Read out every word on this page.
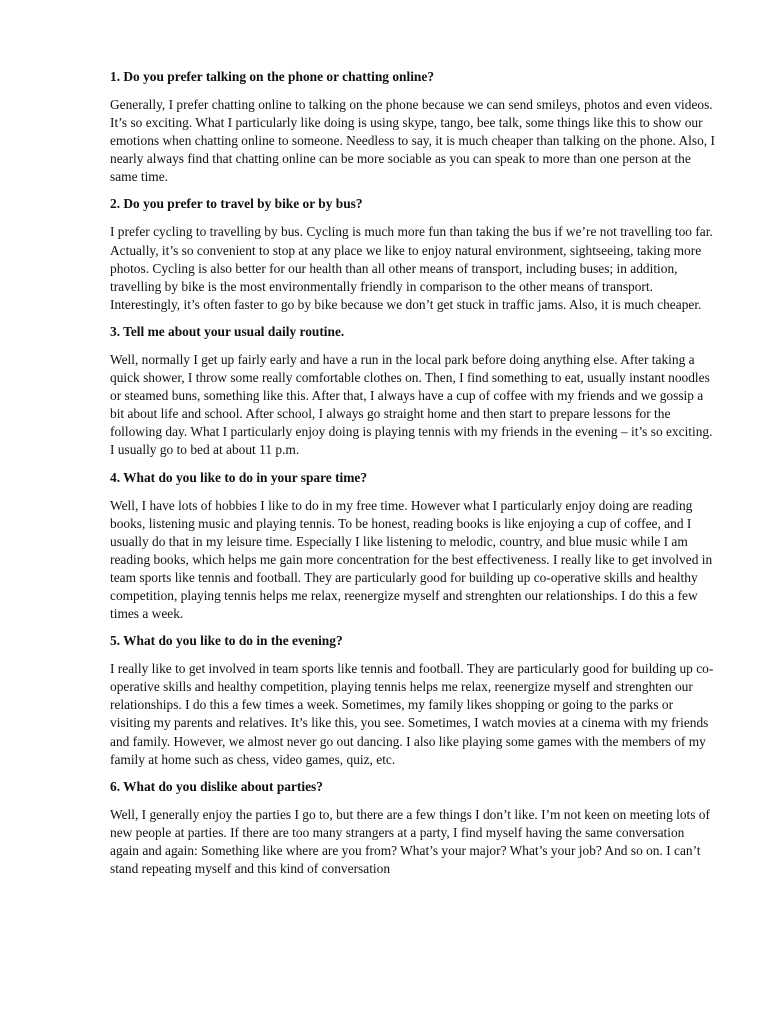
1. Do you prefer talking on the phone or chatting online?

Generally, I prefer chatting online to talking on the phone because we can send smileys, photos and even videos. It’s so exciting. What I particularly like doing is using skype, tango, bee talk, some things like this to show our emotions when chatting online to someone. Needless to say, it is much cheaper than talking on the phone. Also, I nearly always find that chatting online can be more sociable as you can speak to more than one person at the same time.

2. Do you prefer to travel by bike or by bus?

I prefer cycling to travelling by bus. Cycling is much more fun than taking the bus if we’re not travelling too far. Actually, it’s so convenient to stop at any place we like to enjoy natural environment, sightseeing, taking more photos. Cycling is also better for our health than all other means of transport, including buses; in addition, travelling by bike is the most environmentally friendly in comparison to the other means of transport. Interestingly, it’s often faster to go by bike because we don’t get stuck in traffic jams. Also, it is much cheaper.

3. Tell me about your usual daily routine.

Well, normally I get up fairly early and have a run in the local park before doing anything else. After taking a quick shower, I throw some really comfortable clothes on. Then, I find something to eat, usually instant noodles or steamed buns, something like this. After that, I always have a cup of coffee with my friends and we gossip a bit about life and school. After school, I always go straight home and then start to prepare lessons for the following day. What I particularly enjoy doing is playing tennis with my friends in the evening – it’s so exciting. I usually go to bed at about 11 p.m.

4. What do you like to do in your spare time?

Well, I have lots of hobbies I like to do in my free time. However what I particularly enjoy doing are reading books, listening music and playing tennis. To be honest, reading books is like enjoying a cup of coffee, and I usually do that in my leisure time. Especially I like listening to melodic, country, and blue music while I am reading books, which helps me gain more concentration for the best effectiveness. I really like to get involved in team sports like tennis and football. They are particularly good for building up co-operative skills and healthy competition, playing tennis helps me relax, reenergize myself and strenghten our relationships. I do this a few times a week.

5. What do you like to do in the evening?

I really like to get involved in team sports like tennis and football. They are particularly good for building up co-operative skills and healthy competition, playing tennis helps me relax, reenergize myself and strenghten our relationships. I do this a few times a week. Sometimes, my family likes shopping or going to the parks or visiting my parents and relatives. It’s like this, you see. Sometimes, I watch movies at a cinema with my friends and family. However, we almost never go out dancing. I also like playing some games with the members of my family at home such as chess, video games, quiz, etc.

6. What do you dislike about parties?

Well, I generally enjoy the parties I go to, but there are a few things I don’t like. I’m not keen on meeting lots of new people at parties. If there are too many strangers at a party, I find myself having the same conversation again and again: Something like where are you from? What’s your major? What’s your job? And so on. I can’t stand repeating myself and this kind of conversation
